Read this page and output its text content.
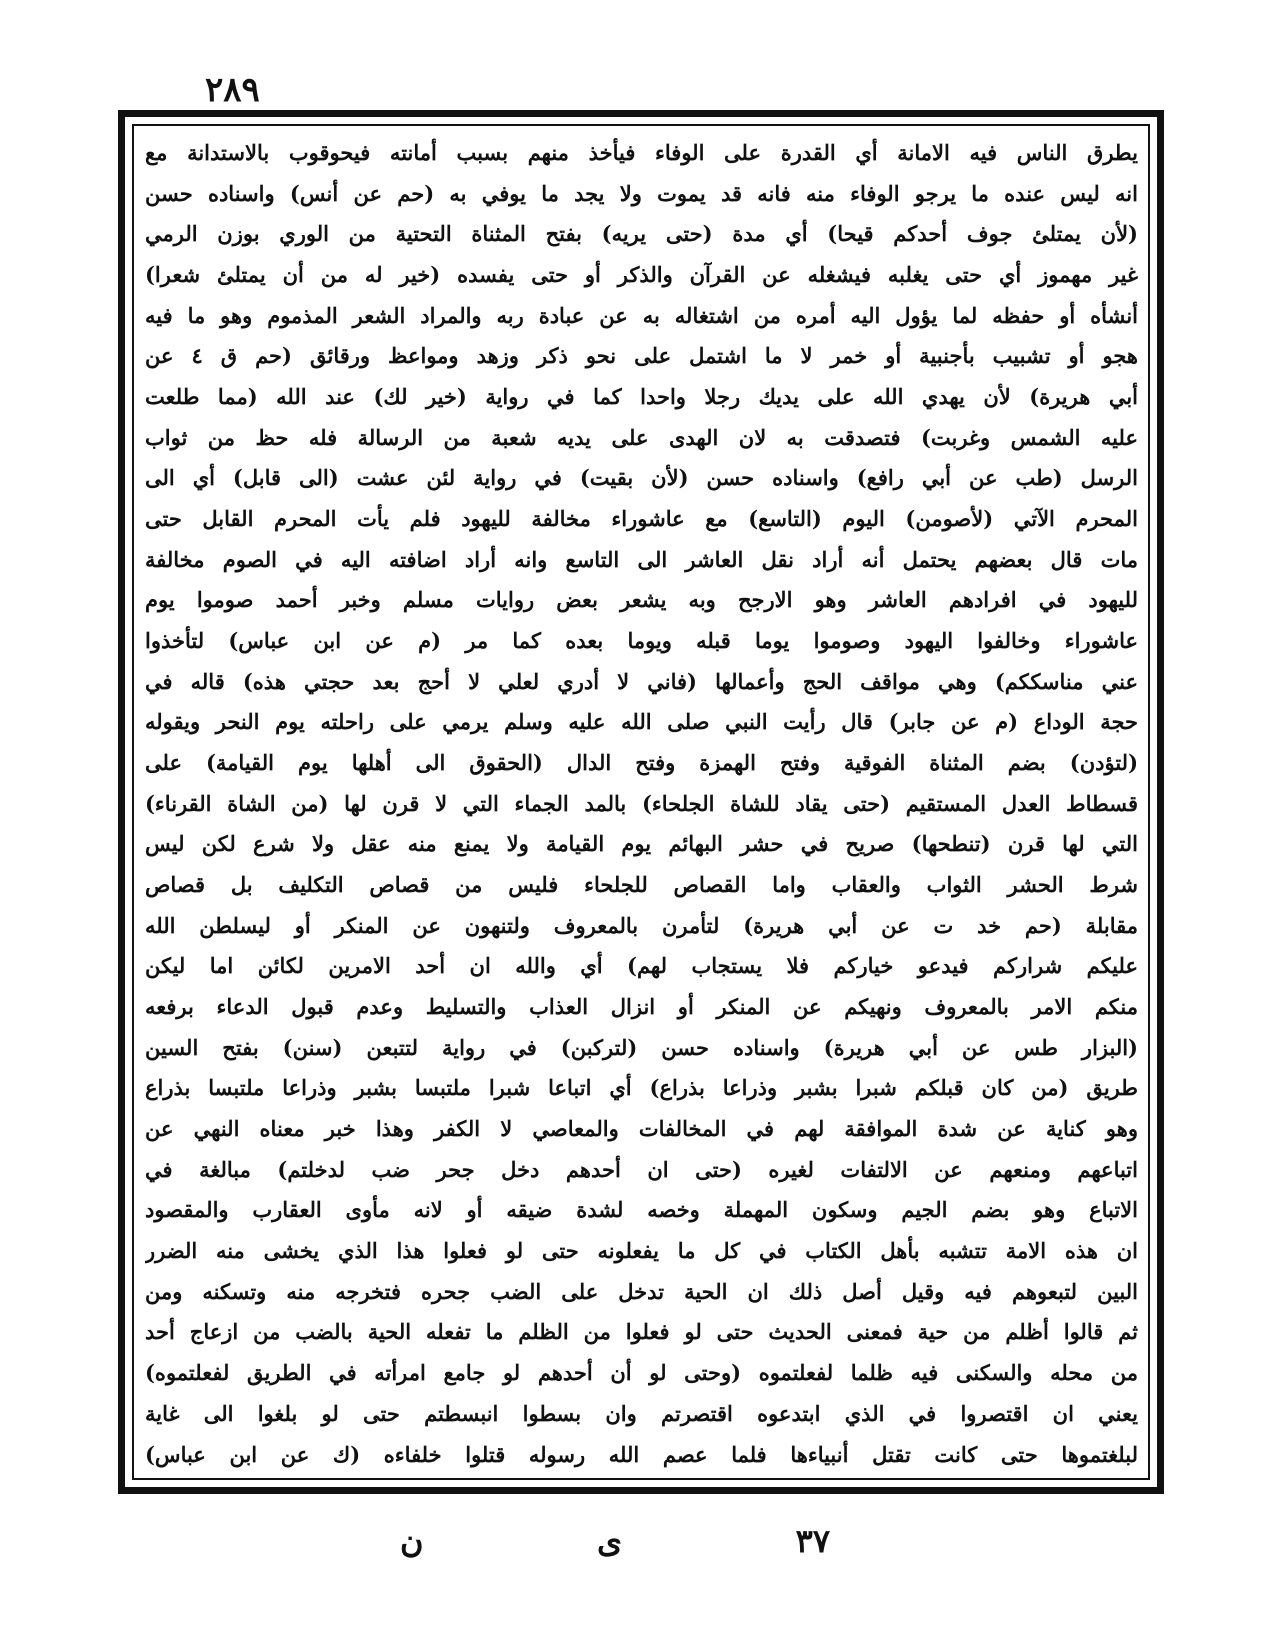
٢٨٩
يطرق الناس فيه الامانة أي القدرة على الوفاء فيأخذ منهم بسبب أمانته فيحوقوب بالاستدانة مع
انه ليس عنده ما يرجو الوفاء منه فانه قد يموت ولا يجد ما يوفي به (حم عن أنس) واسناده حسن
(لأن يمتلئ جوف أحدكم قيحا) أي مدة (حتى يريه) بفتح المثناة التحتية من الوري بوزن الرمي
غير مهموز أي حتى يغلبه فيشغله عن القرآن والذكر أو حتى يفسده (خير له من أن يمتلئ شعرا)
أنشأه أو حفظه لما يؤول اليه أمره من اشتغاله به عن عبادة ربه والمراد الشعر المذموم وهو ما فيه
هجو أو تشبيب بأجنبية أو خمر لا ما اشتمل على نحو ذكر وزهد ومواعظ ورقائق (حم ق ٤ عن
أبي هريرة) لأن يهدي الله على يديك رجلا واحدا كما في رواية (خير لك) عند الله (مما طلعت
عليه الشمس وغربت) فتصدقت به لان الهدى على يديه شعبة من الرسالة فله حظ من ثواب
الرسل (طب عن أبي رافع) واسناده حسن (لأن بقيت) في رواية لئن عشت (الى قابل) أي الى
المحرم الآتي (لأصومن) اليوم (التاسع) مع عاشوراء مخالفة لليهود فلم يأت المحرم القابل حتى
مات قال بعضهم يحتمل أنه أراد نقل العاشر الى التاسع وانه أراد اضافته اليه في الصوم مخالفة
لليهود في افرادهم العاشر وهو الارجح وبه يشعر بعض روايات مسلم وخبر أحمد صوموا يوم
عاشوراء وخالفوا اليهود وصوموا يوما قبله ويوما بعده كما مر (م عن ابن عباس) لتأخذوا
عني مناسككم) وهي مواقف الحج وأعمالها (فاني لا أدري لعلي لا أحج بعد حجتي هذه) قاله في
حجة الوداع (م عن جابر) قال رأيت النبي صلى الله عليه وسلم يرمي على راحلته يوم النحر ويقوله
(لتؤدن) بضم المثناة الفوقية وفتح الهمزة وفتح الدال (الحقوق الى أهلها يوم القيامة) على
قسطاط العدل المستقيم (حتى يقاد للشاة الجلحاء) بالمد الجماء التي لا قرن لها (من الشاة القرناء)
التي لها قرن (تنطحها) صريح في حشر البهائم يوم القيامة ولا يمنع منه عقل ولا شرع لكن ليس
شرط الحشر الثواب والعقاب واما القصاص للجلحاء فليس من قصاص التكليف بل قصاص
مقابلة (حم خد ت عن أبي هريرة) لتأمرن بالمعروف ولتنهون عن المنكر أو ليسلطن الله
عليكم شراركم فيدعو خياركم فلا يستجاب لهم) أي والله ان أحد الامرين لكائن اما ليكن
منكم الامر بالمعروف ونهيكم عن المنكر أو انزال العذاب والتسليط وعدم قبول الدعاء برفعه
(البزار طس عن أبي هريرة) واسناده حسن (لتركبن) في رواية لتتبعن (سنن) بفتح السين
طريق (من كان قبلكم شبرا بشبر وذراعا بذراع) أي اتباعا شبرا ملتبسا بشبر وذراعا ملتبسا بذراع
وهو كناية عن شدة الموافقة لهم في المخالفات والمعاصي لا الكفر وهذا خبر معناه النهي عن
اتباعهم ومنعهم عن الالتفات لغيره (حتى ان أحدهم دخل جحر ضب لدخلتم) مبالغة في
الاتباع وهو بضم الجيم وسكون المهملة وخصه لشدة ضيقه أو لانه مأوى العقارب والمقصود
ان هذه الامة تتشبه بأهل الكتاب في كل ما يفعلونه حتى لو فعلوا هذا الذي يخشى منه الضرر
البين لتبعوهم فيه وقيل أصل ذلك ان الحية تدخل على الضب جحره فتخرجه منه وتسكنه ومن
ثم قالوا أظلم من حية فمعنى الحديث حتى لو فعلوا من الظلم ما تفعله الحية بالضب من ازعاج أحد
من محله والسكنى فيه ظلما لفعلتموه (وحتى لو أن أحدهم لو جامع امرأته في الطريق لفعلتموه)
يعني ان اقتصروا في الذي ابتدعوه اقتصرتم وان بسطوا انبسطتم حتى لو بلغوا الى غاية
لبلغتموها حتى كانت تقتل أنبياءها فلما عصم الله رسوله قتلوا خلفاءه (ك عن ابن عباس)
٣٧
ى
ن
